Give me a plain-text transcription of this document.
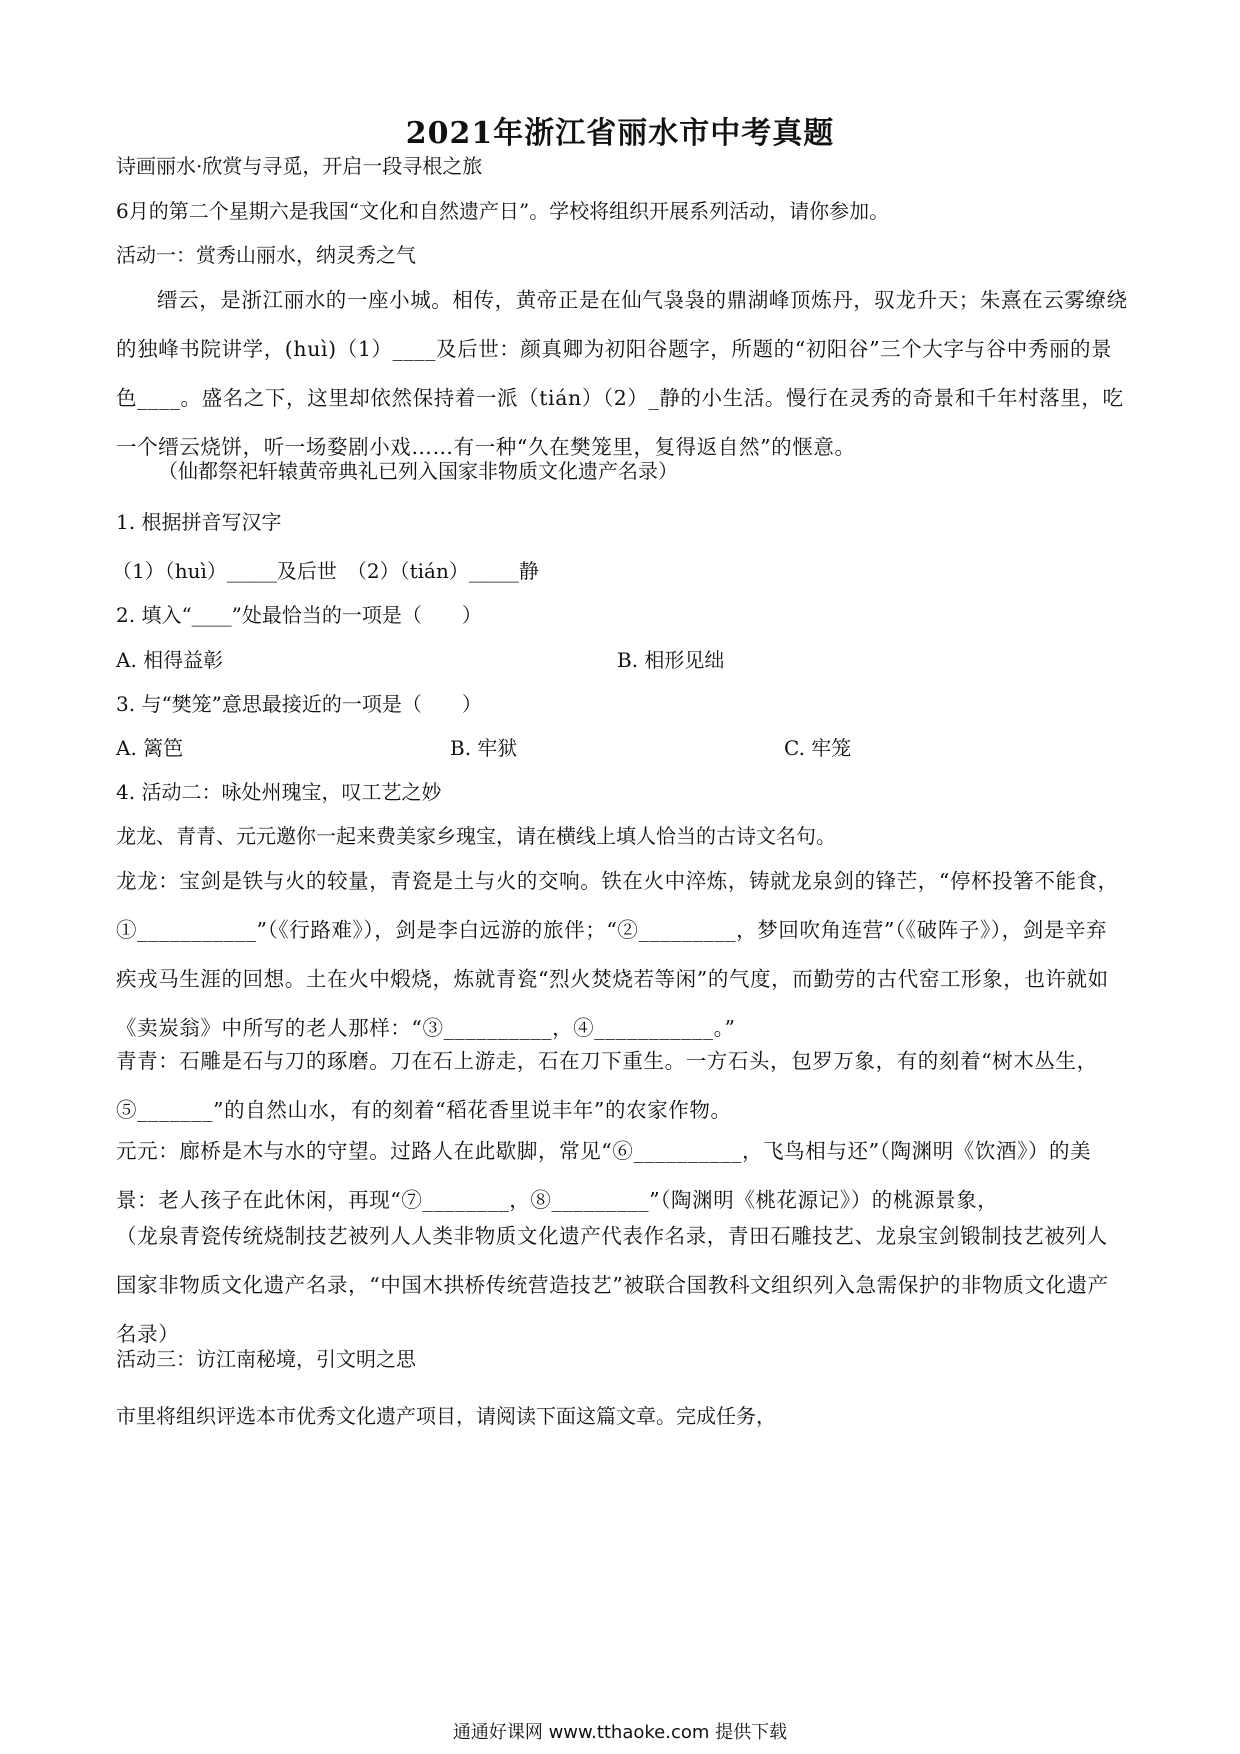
2021年浙江省丽水市中考真题
诗画丽水·欣赏与寻觅，开启一段寻根之旅
6月的第二个星期六是我国“文化和自然遗产日”。学校将组织开展系列活动，请你参加。
活动一：赏秀山丽水，纳灵秀之气
缙云，是浙江丽水的一座小城。相传，黄帝正是在仙气袅袅的鼎湖峰顶炼丹，驭龙升天；朱熹在云雾缭绕的独峰书院讲学，(huì)（1）____及后世：颜真卿为初阳谷题字，所题的“初阳谷”三个大字与谷中秀丽的景色____。盛名之下，这里却依然保持着一派（tián）（2）_静的小生活。慢行在灵秀的奇景和千年村落里，吃一个缙云烧饼，听一场婺剧小戏……有一种“久在樊笼里，复得返自然”的惬意。
（仙都祭祀轩辕黄帝典礼已列入国家非物质文化遗产名录）
1. 根据拼音写汉字
（1）（huì）_____及后世　（2）（tián）_____静
2. 填入“____”处最恰当的一项是（　　）
A. 相得益彰	B. 相形见绌
3. 与“樊笼”意思最接近的一项是（　　）
A. 篱笆	B. 牢狱	C. 牢笼
4. 活动二：咏处州瑰宝，叹工艺之妙
龙龙、青青、元元邀你一起来费美家乡瑰宝，请在横线上填人恰当的古诗文名句。
龙龙：宝剑是铁与火的较量，青瓷是土与火的交响。铁在火中淬炼，铸就龙泉剑的锋芒，“停杯投箸不能食，①___________”（《行路难》），剑是李白远游的旅伴；“②_________，梦回吹角连营”（《破阵子》），剑是辛弃疾戎马生涯的回想。土在火中煅烧，炼就青瓷“烈火焚烧若等闲”的气度，而勤劳的古代窑工形象，也许就如《卖炭翁》中所写的老人那样：“③__________，④___________。”
青青：石雕是石与刀的琢磨。刀在石上游走，石在刀下重生。一方石头，包罗万象，有的刻着“树木丛生，⑤_______”的自然山水，有的刻着“稻花香里说丰年”的农家作物。
元元：廊桥是木与水的守望。过路人在此歇脚，常见“⑥__________，飞鸟相与还”（陶渊明《饮酒》）的美景：老人孩子在此休闲，再现“⑦________，⑧_________”（陶渊明《桃花源记》）的桃源景象，
（龙泉青瓷传统烧制技艺被列人人类非物质文化遗产代表作名录，青田石雕技艺、龙泉宝剑锻制技艺被列人国家非物质文化遗产名录，“中国木拱桥传统营造技艺”被联合国教科文组织列入急需保护的非物质文化遗产名录）
活动三：访江南秘境，引文明之思
市里将组织评选本市优秀文化遗产项目，请阅读下面这篇文章。完成任务，
通通好课网 www.tthaoke.com 提供下载
